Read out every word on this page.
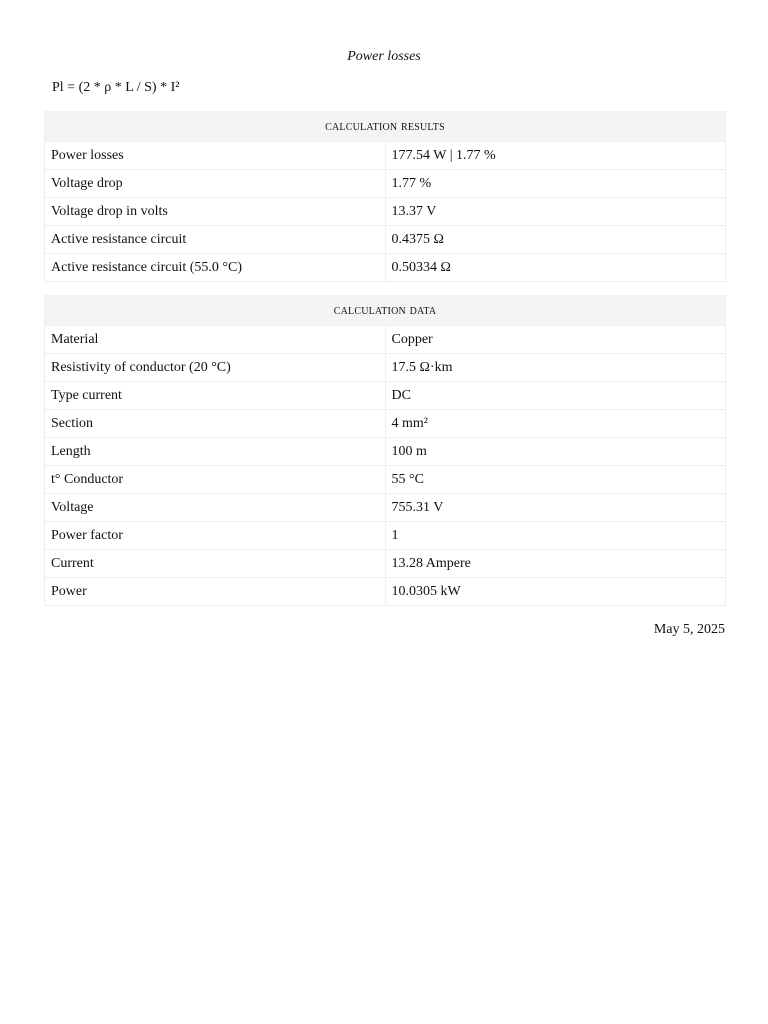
Power losses
Pl = (2 * ρ * L / S) * I²
calculation results	
Power losses	177.54 W | 1.77 %
Voltage drop	1.77 %
Voltage drop in volts	13.37 V
Active resistance circuit	0.4375 Ω
Active resistance circuit (55.0 °C)	0.50334 Ω
calculation data	
Material	Copper
Resistivity of conductor (20 °C)	17.5 Ω·km
Type current	DC
Section	4 mm²
Length	100 m
t° Conductor	55 °C
Voltage	755.31 V
Power factor	1
Current	13.28 Ampere
Power	10.0305 kW
May 5, 2025
